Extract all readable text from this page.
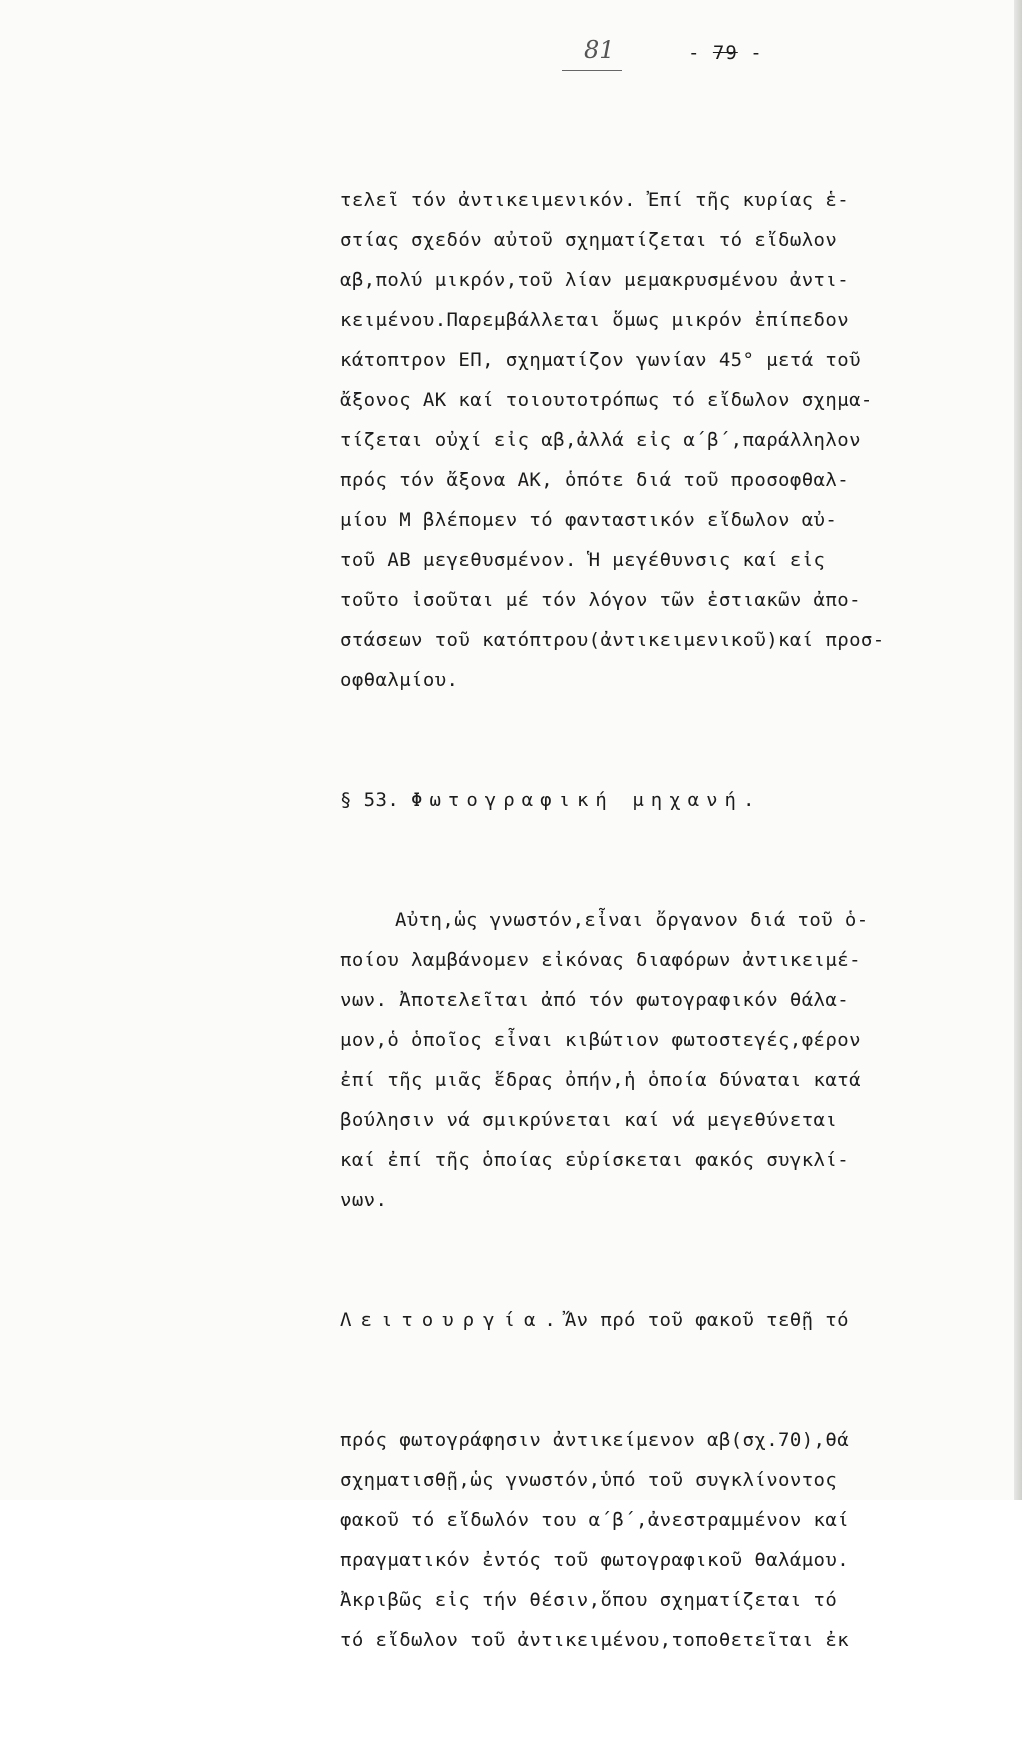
81	- 79 -

τελεῖ τόν ἀντικειμενικόν. Ἐπί τῆς κυρίας ἑ-
στίας σχεδόν αὐτοῦ σχηματίζεται τό εἴδωλον
αβ,πολύ μικρόν,τοῦ λίαν μεμακρυσμένου ἀντι-
κειμένου.Παρεμβάλλεται ὅμως μικρόν ἐπίπεδον
κάτοπτρον ΕΠ, σχηματίζον γωνίαν 45° μετά τοῦ
ἄξονος ΑΚ καί τοιουτοτρόπως τό εἴδωλον σχημα-
τίζεται οὐχί εἰς αβ,ἀλλά εἰς α΄β΄,παράλληλον
πρός τόν ἄξονα ΑΚ, ὁπότε διά τοῦ προσοφθαλ-
μίου Μ βλέπομεν τό φανταστικόν εἴδωλον αὐ-
τοῦ ΑΒ μεγεθυσμένον. Ἡ μεγέθυνσις καί εἰς
τοῦτο ἰσοῦται μέ τόν λόγον τῶν ἑστιακῶν ἀπο-
στάσεων τοῦ κατόπτρου(ἀντικειμενικοῦ)καί προσ-
οφθαλμίου.

§ 53. Φωτογραφική μηχανή.

Αὐτη,ὡς γνωστόν,εἶναι ὄργανον διά τοῦ ὁ-
ποίου λαμβάνομεν εἰκόνας διαφόρων ἀντικειμέ-
νων. Ἀποτελεῖται ἀπό τόν φωτογραφικόν θάλα-
μον,ὁ ὁποῖος εἶναι κιβώτιον φωτοστεγές,φέρον
ἐπί τῆς μιᾶς ἕδρας ὀπήν,ἡ ὁποία δύναται κατά
βούλησιν νά σμικρύνεται καί νά μεγεθύνεται
καί ἐπί τῆς ὁποίας εὑρίσκεται φακός συγκλί-
νων.

Λειτουργία.Ἄν πρό τοῦ φακοῦ τεθῇ τό

πρός φωτογράφησιν ἀντικείμενον αβ(σχ.70),θά
σχηματισθῇ,ὡς γνωστόν,ὑπό τοῦ συγκλίνοντος
φακοῦ τό εἴδωλόν του α΄β΄,ἀνεστραμμένον καί
πραγματικόν ἐντός τοῦ φωτογραφικοῦ θαλάμου.
Ἀκριβῶς εἰς τήν θέσιν,ὅπου σχηματίζεται τό
τό εἴδωλον τοῦ ἀντικειμένου,τοποθετεῖται ἐκ
